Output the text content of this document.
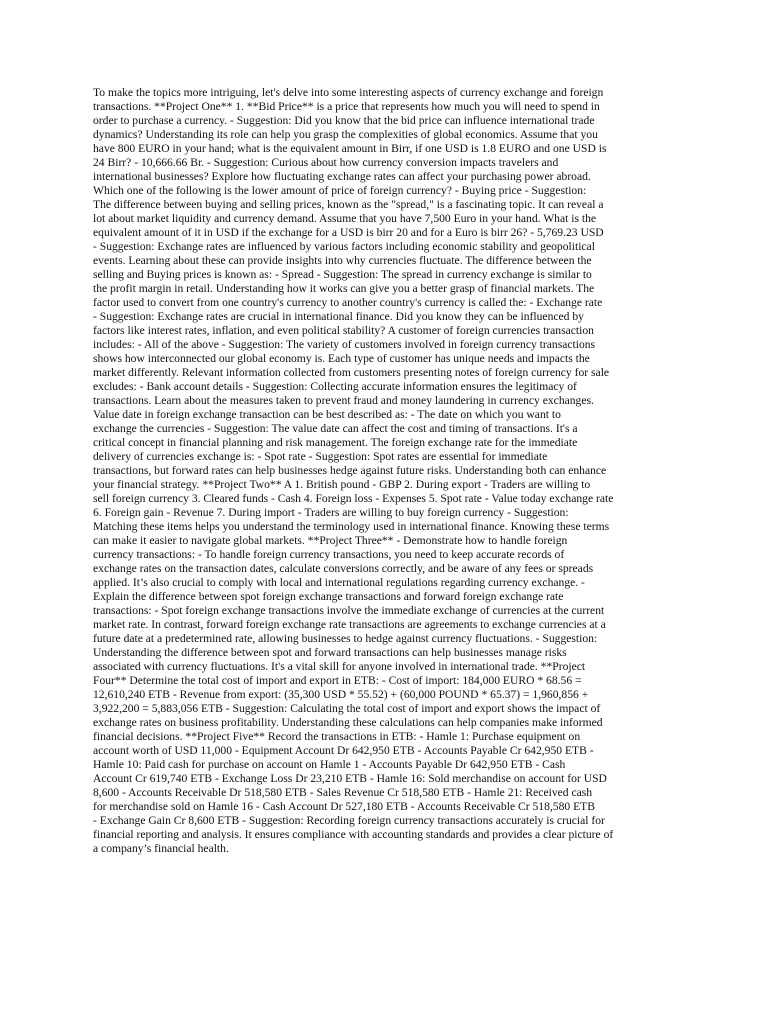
To make the topics more intriguing, let's delve into some interesting aspects of currency exchange and foreign
transactions. **Project One** 1. **Bid Price** is a price that represents how much you will need to spend in
order to purchase a currency. - Suggestion: Did you know that the bid price can influence international trade
dynamics? Understanding its role can help you grasp the complexities of global economics. Assume that you
have 800 EURO in your hand; what is the equivalent amount in Birr, if one USD is 1.8 EURO and one USD is
24 Birr? - 10,666.66 Br. - Suggestion: Curious about how currency conversion impacts travelers and
international businesses? Explore how fluctuating exchange rates can affect your purchasing power abroad.
Which one of the following is the lower amount of price of foreign currency? - Buying price - Suggestion:
The difference between buying and selling prices, known as the "spread," is a fascinating topic. It can reveal a
lot about market liquidity and currency demand. Assume that you have 7,500 Euro in your hand. What is the
equivalent amount of it in USD if the exchange for a USD is birr 20 and for a Euro is birr 26? - 5,769.23 USD
- Suggestion: Exchange rates are influenced by various factors including economic stability and geopolitical
events. Learning about these can provide insights into why currencies fluctuate. The difference between the
selling and Buying prices is known as: - Spread - Suggestion: The spread in currency exchange is similar to
the profit margin in retail. Understanding how it works can give you a better grasp of financial markets. The
factor used to convert from one country's currency to another country's currency is called the: - Exchange rate
- Suggestion: Exchange rates are crucial in international finance. Did you know they can be influenced by
factors like interest rates, inflation, and even political stability? A customer of foreign currencies transaction
includes: - All of the above - Suggestion: The variety of customers involved in foreign currency transactions
shows how interconnected our global economy is. Each type of customer has unique needs and impacts the
market differently. Relevant information collected from customers presenting notes of foreign currency for sale
excludes: - Bank account details - Suggestion: Collecting accurate information ensures the legitimacy of
transactions. Learn about the measures taken to prevent fraud and money laundering in currency exchanges.
Value date in foreign exchange transaction can be best described as: - The date on which you want to
exchange the currencies - Suggestion: The value date can affect the cost and timing of transactions. It's a
critical concept in financial planning and risk management. The foreign exchange rate for the immediate
delivery of currencies exchange is: - Spot rate - Suggestion: Spot rates are essential for immediate
transactions, but forward rates can help businesses hedge against future risks. Understanding both can enhance
your financial strategy. **Project Two** A 1. British pound - GBP 2. During export - Traders are willing to
sell foreign currency 3. Cleared funds - Cash 4. Foreign loss - Expenses 5. Spot rate - Value today exchange rate
6. Foreign gain - Revenue 7. During import - Traders are willing to buy foreign currency - Suggestion:
Matching these items helps you understand the terminology used in international finance. Knowing these terms
can make it easier to navigate global markets. **Project Three** - Demonstrate how to handle foreign
currency transactions: - To handle foreign currency transactions, you need to keep accurate records of
exchange rates on the transaction dates, calculate conversions correctly, and be aware of any fees or spreads
applied. It’s also crucial to comply with local and international regulations regarding currency exchange. -
Explain the difference between spot foreign exchange transactions and forward foreign exchange rate
transactions: - Spot foreign exchange transactions involve the immediate exchange of currencies at the current
market rate. In contrast, forward foreign exchange rate transactions are agreements to exchange currencies at a
future date at a predetermined rate, allowing businesses to hedge against currency fluctuations. - Suggestion:
Understanding the difference between spot and forward transactions can help businesses manage risks
associated with currency fluctuations. It's a vital skill for anyone involved in international trade. **Project
Four** Determine the total cost of import and export in ETB: - Cost of import: 184,000 EURO * 68.56 =
12,610,240 ETB - Revenue from export: (35,300 USD * 55.52) + (60,000 POUND * 65.37) = 1,960,856 +
3,922,200 = 5,883,056 ETB - Suggestion: Calculating the total cost of import and export shows the impact of
exchange rates on business profitability. Understanding these calculations can help companies make informed
financial decisions. **Project Five** Record the transactions in ETB: - Hamle 1: Purchase equipment on
account worth of USD 11,000 - Equipment Account Dr 642,950 ETB - Accounts Payable Cr 642,950 ETB -
Hamle 10: Paid cash for purchase on account on Hamle 1 - Accounts Payable Dr 642,950 ETB - Cash
Account Cr 619,740 ETB - Exchange Loss Dr 23,210 ETB - Hamle 16: Sold merchandise on account for USD
8,600 - Accounts Receivable Dr 518,580 ETB - Sales Revenue Cr 518,580 ETB - Hamle 21: Received cash
for merchandise sold on Hamle 16 - Cash Account Dr 527,180 ETB - Accounts Receivable Cr 518,580 ETB
- Exchange Gain Cr 8,600 ETB - Suggestion: Recording foreign currency transactions accurately is crucial for
financial reporting and analysis. It ensures compliance with accounting standards and provides a clear picture of
a company’s financial health.
